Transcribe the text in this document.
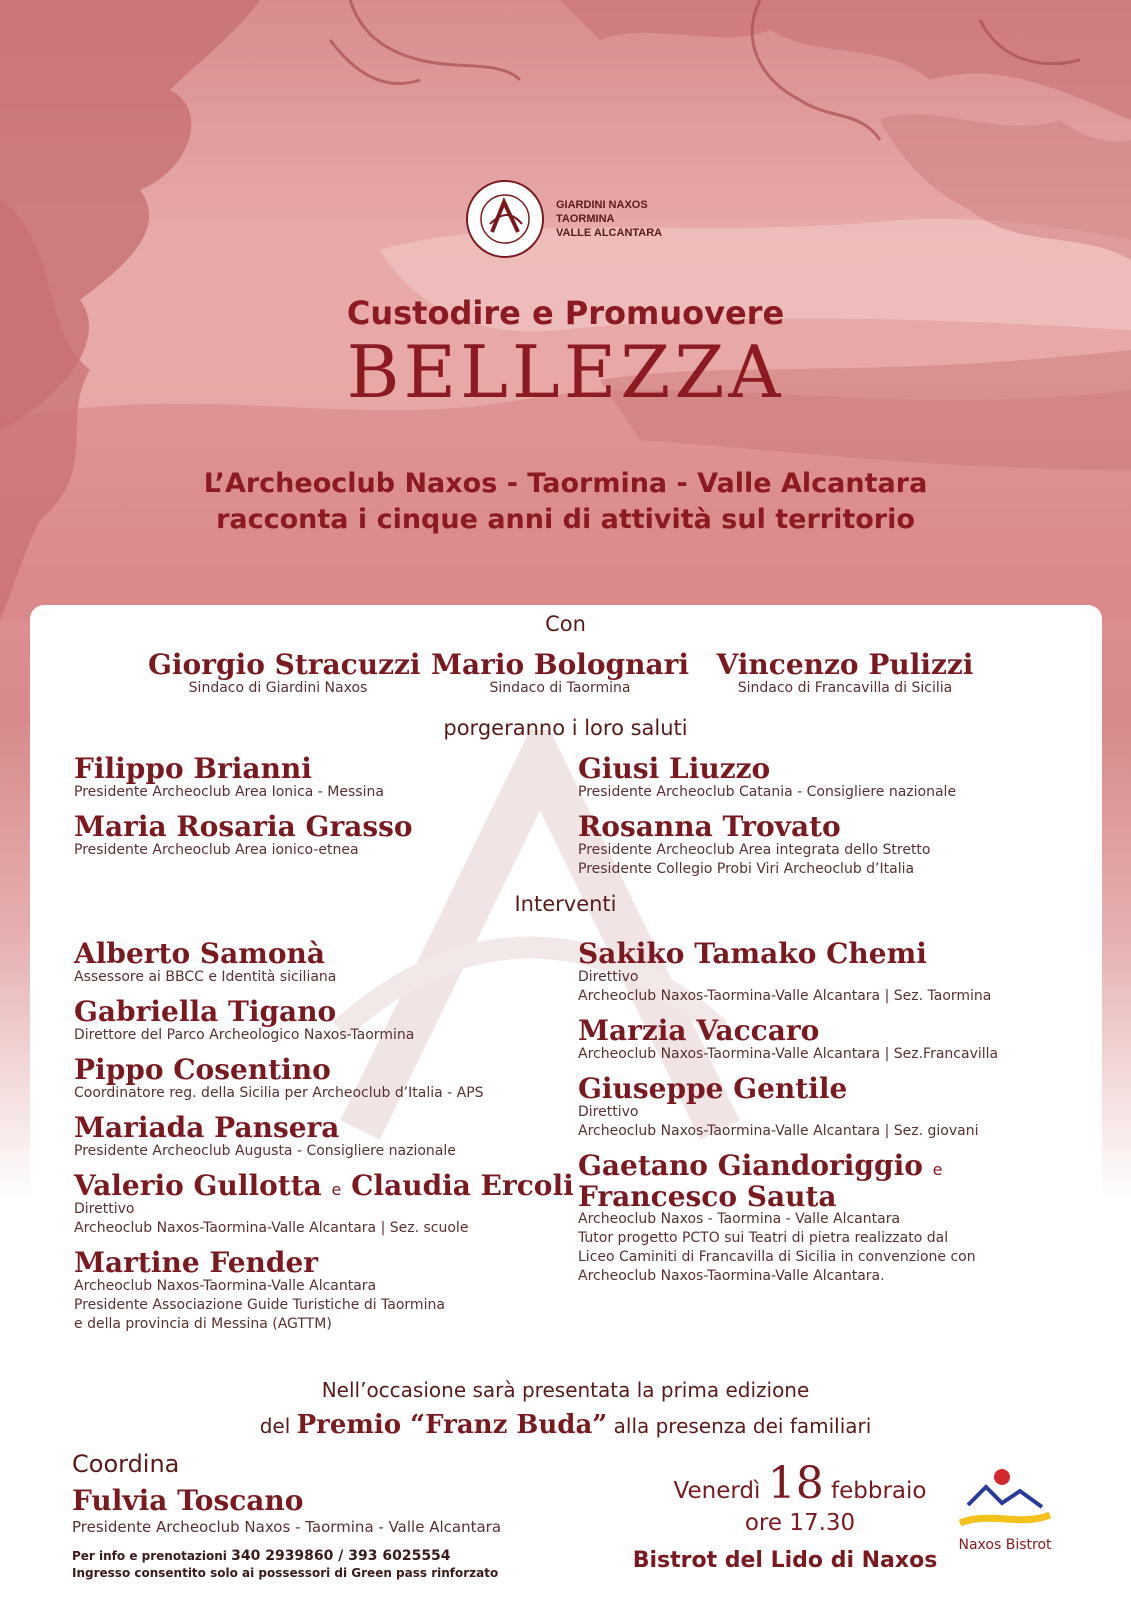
GIARDINI NAXOS
TAORMINA
VALLE ALCANTARA
Custodire e Promuovere
BELLEZZA
L’Archeoclub Naxos - Taormina - Valle Alcantara
racconta i cinque anni di attività sul territorio
Con
Giorgio Stracuzzi
Sindaco di Giardini Naxos
Mario Bolognari
Sindaco di Taormina
Vincenzo Pulizzi
Sindaco di Francavilla di Sicilia
porgeranno i loro saluti
Filippo Brianni
Presidente Archeoclub Area Ionica - Messina
Maria Rosaria Grasso
Presidente Archeoclub Area ionico-etnea
Giusi Liuzzo
Presidente Archeoclub Catania - Consigliere nazionale
Rosanna Trovato
Presidente Archeoclub Area integrata dello Stretto
Presidente Collegio Probi Viri Archeoclub d’Italia
Interventi
Alberto Samonà
Assessore ai BBCC e Identità siciliana
Gabriella Tigano
Direttore del Parco Archeologico Naxos-Taormina
Pippo Cosentino
Coordinatore reg. della Sicilia per Archeoclub d’Italia - APS
Mariada Pansera
Presidente Archeoclub Augusta - Consigliere nazionale
Valerio Gullotta e Claudia Ercoli
Direttivo
Archeoclub Naxos-Taormina-Valle Alcantara | Sez. scuole
Martine Fender
Archeoclub Naxos-Taormina-Valle Alcantara
Presidente Associazione Guide Turistiche di Taormina
e della provincia di Messina (AGTTM)
Sakiko Tamako Chemi
Direttivo
Archeoclub Naxos-Taormina-Valle Alcantara | Sez. Taormina
Marzia Vaccaro
Archeoclub Naxos-Taormina-Valle Alcantara | Sez.Francavilla
Giuseppe Gentile
Direttivo
Archeoclub Naxos-Taormina-Valle Alcantara | Sez. giovani
Gaetano Giandoriggio e
Francesco Sauta
Archeoclub Naxos - Taormina - Valle Alcantara
Tutor progetto PCTO sui Teatri di pietra realizzato dal
Liceo Caminiti di Francavilla di Sicilia in convenzione con
Archeoclub Naxos-Taormina-Valle Alcantara.
Nell’occasione sarà presentata la prima edizione
del Premio “Franz Buda” alla presenza dei familiari
Coordina
Fulvia Toscano
Presidente Archeoclub Naxos - Taormina - Valle Alcantara
Per info e prenotazioni 340 2939860 / 393 6025554
Ingresso consentito solo ai possessori di Green pass rinforzato
Venerdì 18 febbraio
ore 17.30
Bistrot del Lido di Naxos
Naxos Bistrot
